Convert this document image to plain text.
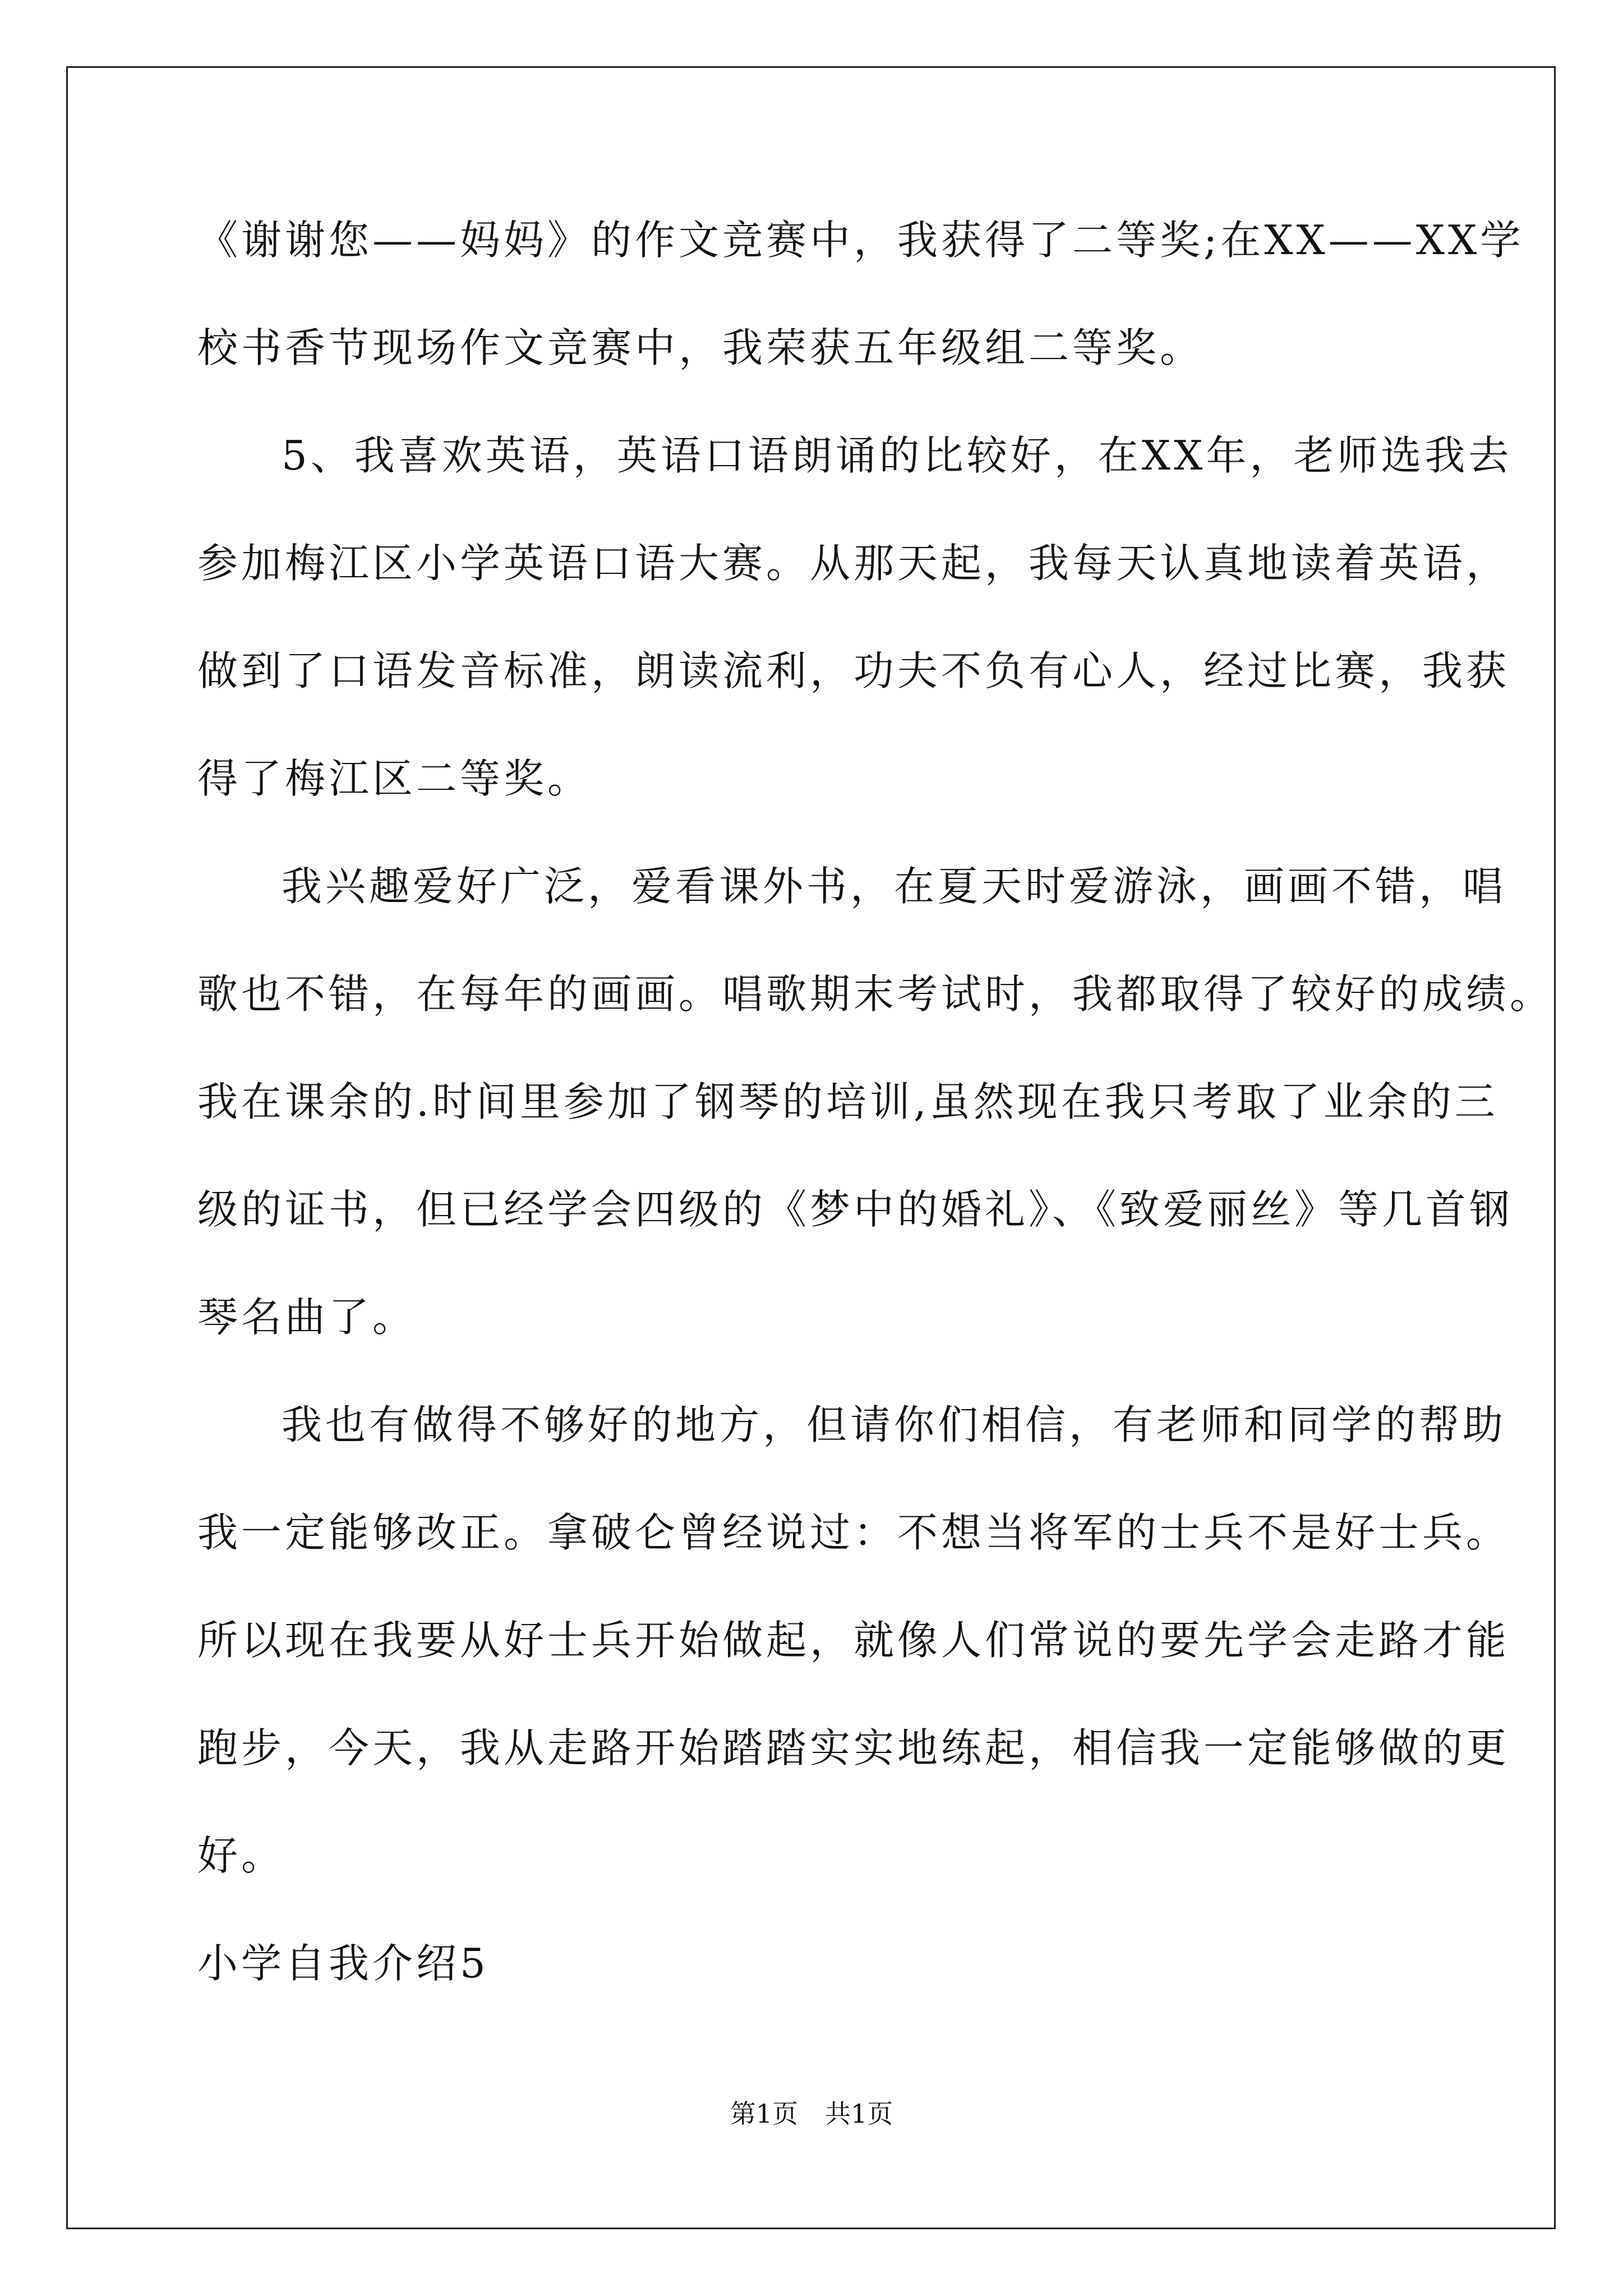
《谢谢您——妈妈》的作文竞赛中，我获得了二等奖;在XX——XX学
校书香节现场作文竞赛中，我荣获五年级组二等奖。
5、我喜欢英语，英语口语朗诵的比较好，在XX年，老师选我去
参加梅江区小学英语口语大赛。从那天起，我每天认真地读着英语，
做到了口语发音标准，朗读流利，功夫不负有心人，经过比赛，我获
得了梅江区二等奖。
我兴趣爱好广泛，爱看课外书，在夏天时爱游泳，画画不错，唱
歌也不错，在每年的画画。唱歌期末考试时，我都取得了较好的成绩。
我在课余的.时间里参加了钢琴的培训,虽然现在我只考取了业余的三
级的证书，但已经学会四级的《梦中的婚礼》、《致爱丽丝》等几首钢
琴名曲了。
我也有做得不够好的地方，但请你们相信，有老师和同学的帮助
我一定能够改正。拿破仑曾经说过：不想当将军的士兵不是好士兵。
所以现在我要从好士兵开始做起，就像人们常说的要先学会走路才能
跑步，今天，我从走路开始踏踏实实地练起，相信我一定能够做的更
好。
小学自我介绍5
第1页 共1页
